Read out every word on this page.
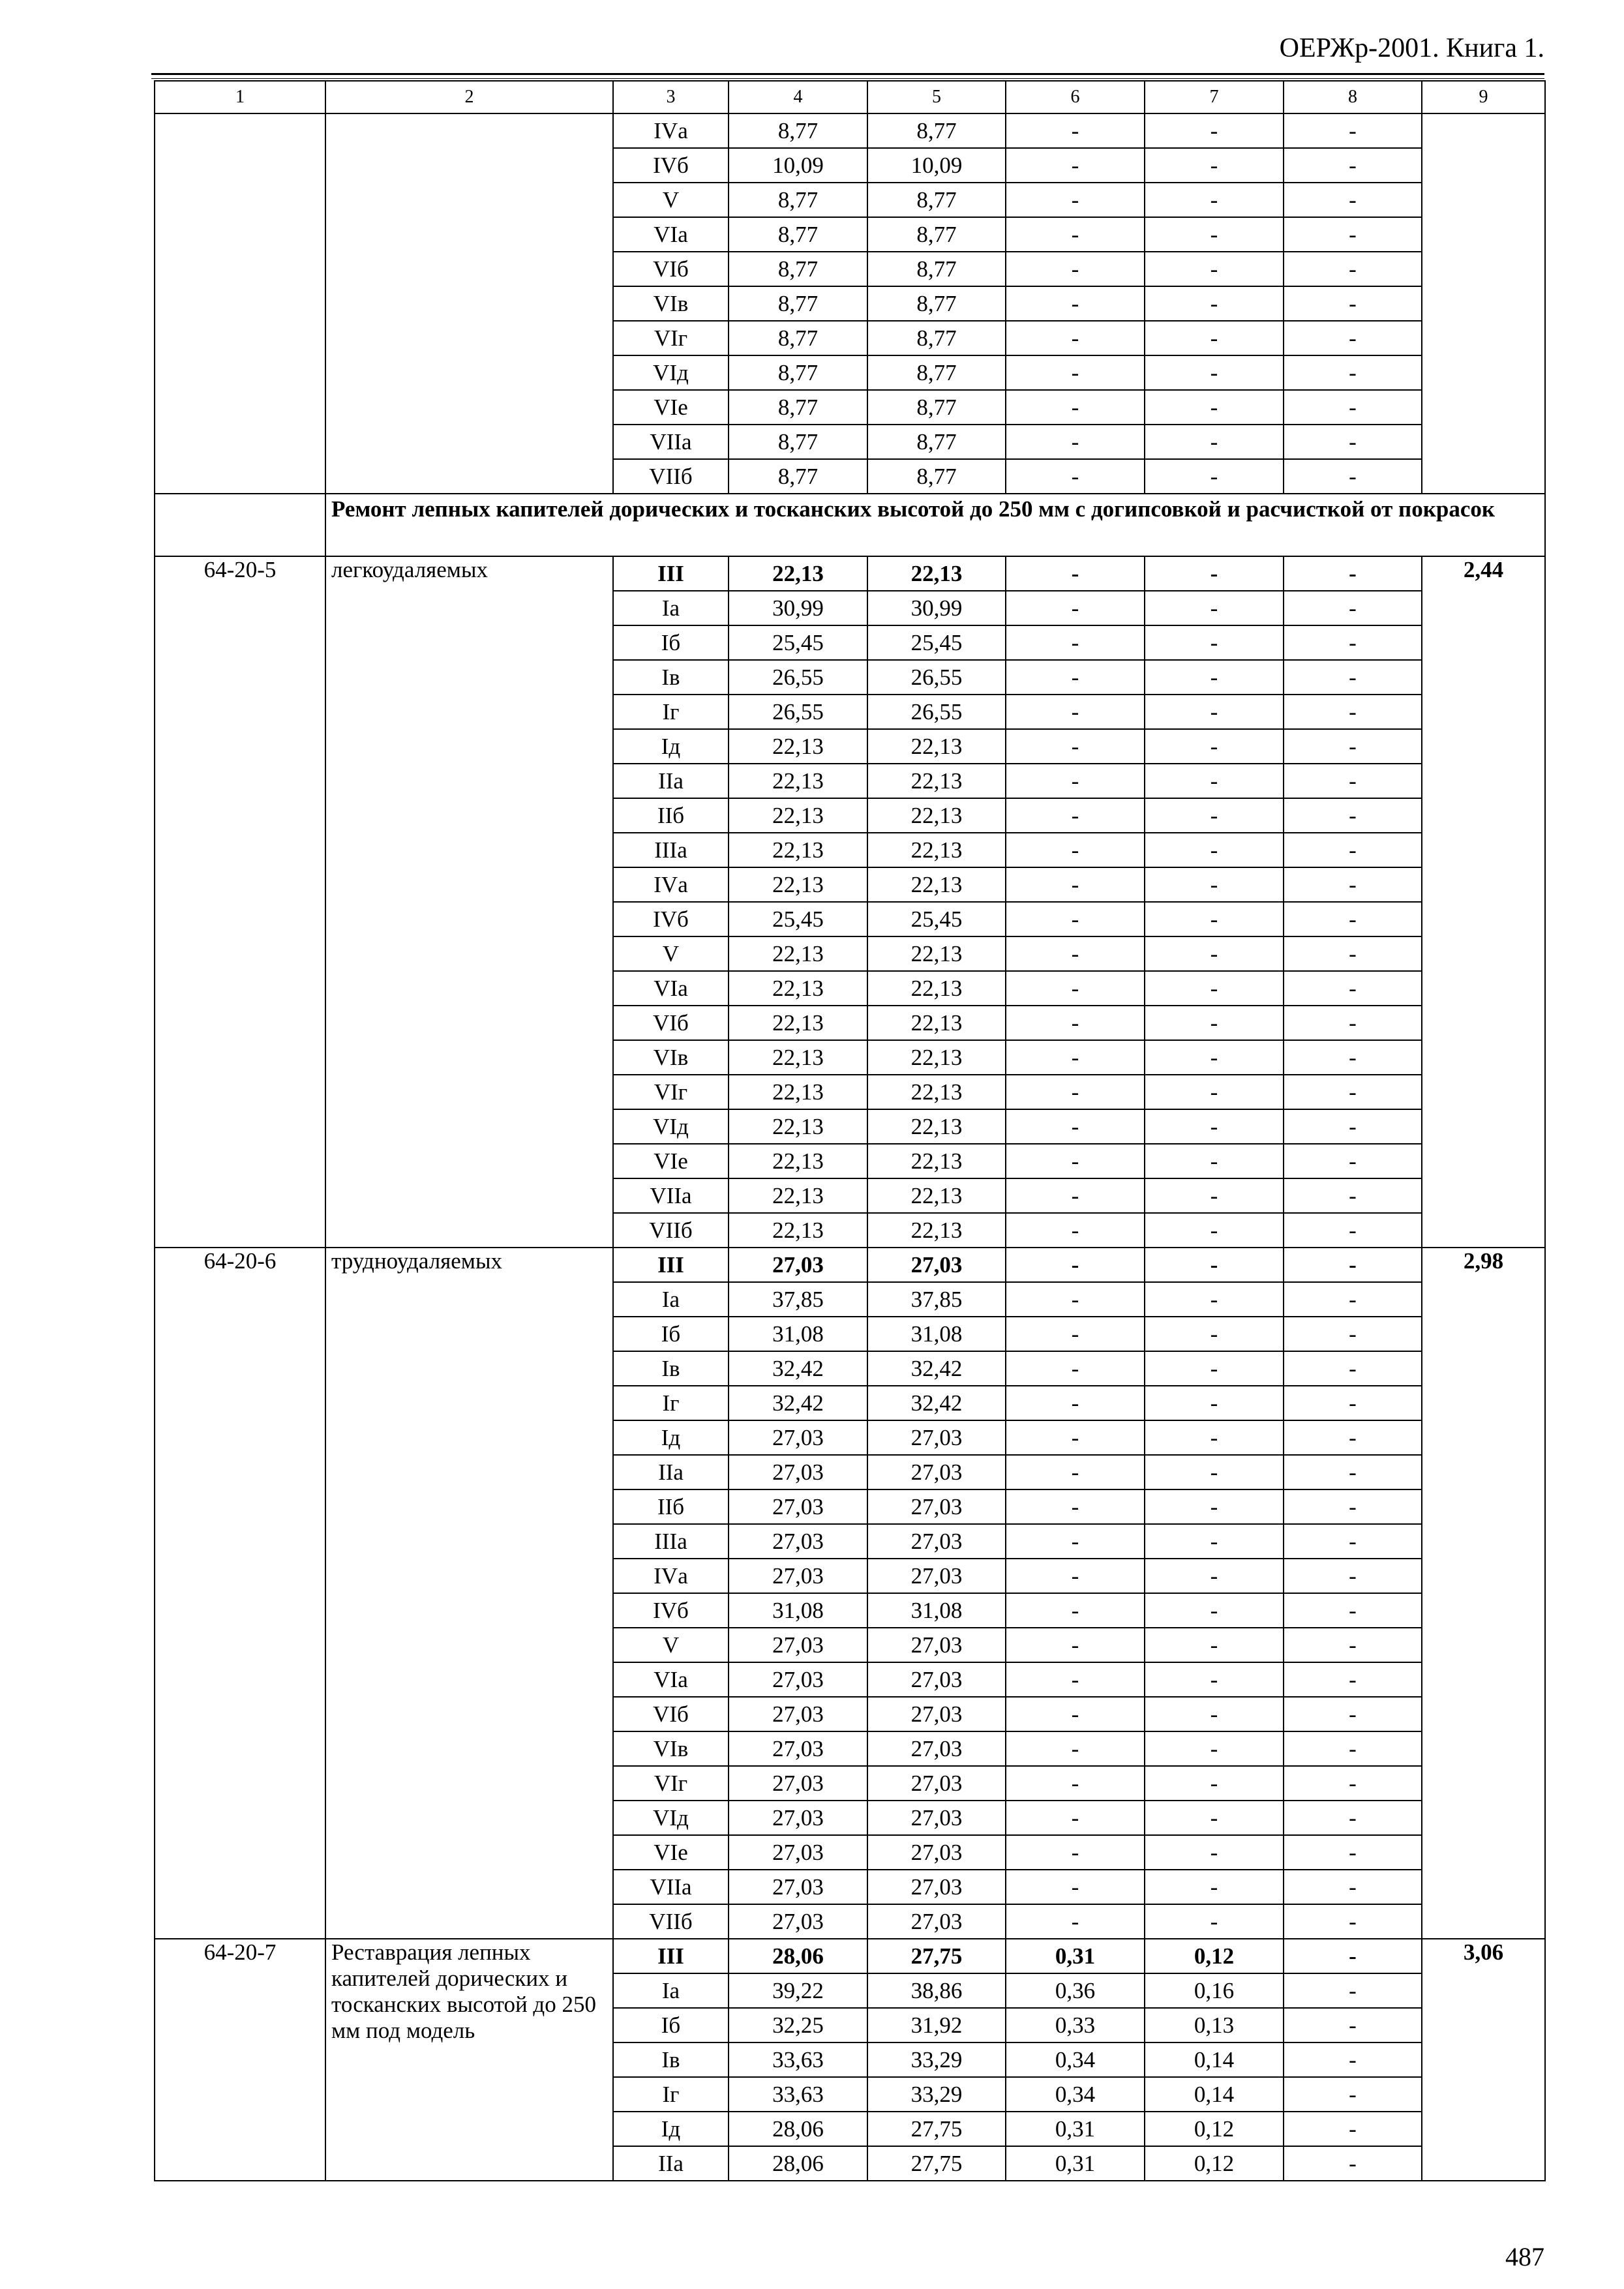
ОЕРЖр-2001. Книга 1.
1	2	3	4	5	6	7	8	9
		IVа	8,77	8,77	-	-	-	
		IVб	10,09	10,09	-	-	-	
		V	8,77	8,77	-	-	-	
		VIа	8,77	8,77	-	-	-	
		VIб	8,77	8,77	-	-	-	
		VIв	8,77	8,77	-	-	-	
		VIг	8,77	8,77	-	-	-	
		VIд	8,77	8,77	-	-	-	
		VIе	8,77	8,77	-	-	-	
		VIIа	8,77	8,77	-	-	-	
		VIIб	8,77	8,77	-	-	-	
	Ремонт лепных капителей дорических и тосканских высотой до 250 мм с догипсовкой и расчисткой от покрасок							
64-20-5	легкоудаляемых	III	22,13	22,13	-	-	-	2,44
		Iа	30,99	30,99	-	-	-	
		Iб	25,45	25,45	-	-	-	
		Iв	26,55	26,55	-	-	-	
		Iг	26,55	26,55	-	-	-	
		Iд	22,13	22,13	-	-	-	
		IIа	22,13	22,13	-	-	-	
		IIб	22,13	22,13	-	-	-	
		IIIа	22,13	22,13	-	-	-	
		IVа	22,13	22,13	-	-	-	
		IVб	25,45	25,45	-	-	-	
		V	22,13	22,13	-	-	-	
		VIа	22,13	22,13	-	-	-	
		VIб	22,13	22,13	-	-	-	
		VIв	22,13	22,13	-	-	-	
		VIг	22,13	22,13	-	-	-	
		VIд	22,13	22,13	-	-	-	
		VIе	22,13	22,13	-	-	-	
		VIIа	22,13	22,13	-	-	-	
		VIIб	22,13	22,13	-	-	-	
64-20-6	трудноудаляемых	III	27,03	27,03	-	-	-	2,98
		Iа	37,85	37,85	-	-	-	
		Iб	31,08	31,08	-	-	-	
		Iв	32,42	32,42	-	-	-	
		Iг	32,42	32,42	-	-	-	
		Iд	27,03	27,03	-	-	-	
		IIа	27,03	27,03	-	-	-	
		IIб	27,03	27,03	-	-	-	
		IIIа	27,03	27,03	-	-	-	
		IVа	27,03	27,03	-	-	-	
		IVб	31,08	31,08	-	-	-	
		V	27,03	27,03	-	-	-	
		VIа	27,03	27,03	-	-	-	
		VIб	27,03	27,03	-	-	-	
		VIв	27,03	27,03	-	-	-	
		VIг	27,03	27,03	-	-	-	
		VIд	27,03	27,03	-	-	-	
		VIе	27,03	27,03	-	-	-	
		VIIа	27,03	27,03	-	-	-	
		VIIб	27,03	27,03	-	-	-	
64-20-7	Реставрация лепных капителей дорических и тосканских высотой до 250 мм под модель	III	28,06	27,75	0,31	0,12	-	3,06
		Iа	39,22	38,86	0,36	0,16	-	
		Iб	32,25	31,92	0,33	0,13	-	
		Iв	33,63	33,29	0,34	0,14	-	
		Iг	33,63	33,29	0,34	0,14	-	
		Iд	28,06	27,75	0,31	0,12	-	
		IIа	28,06	27,75	0,31	0,12	-	
487
